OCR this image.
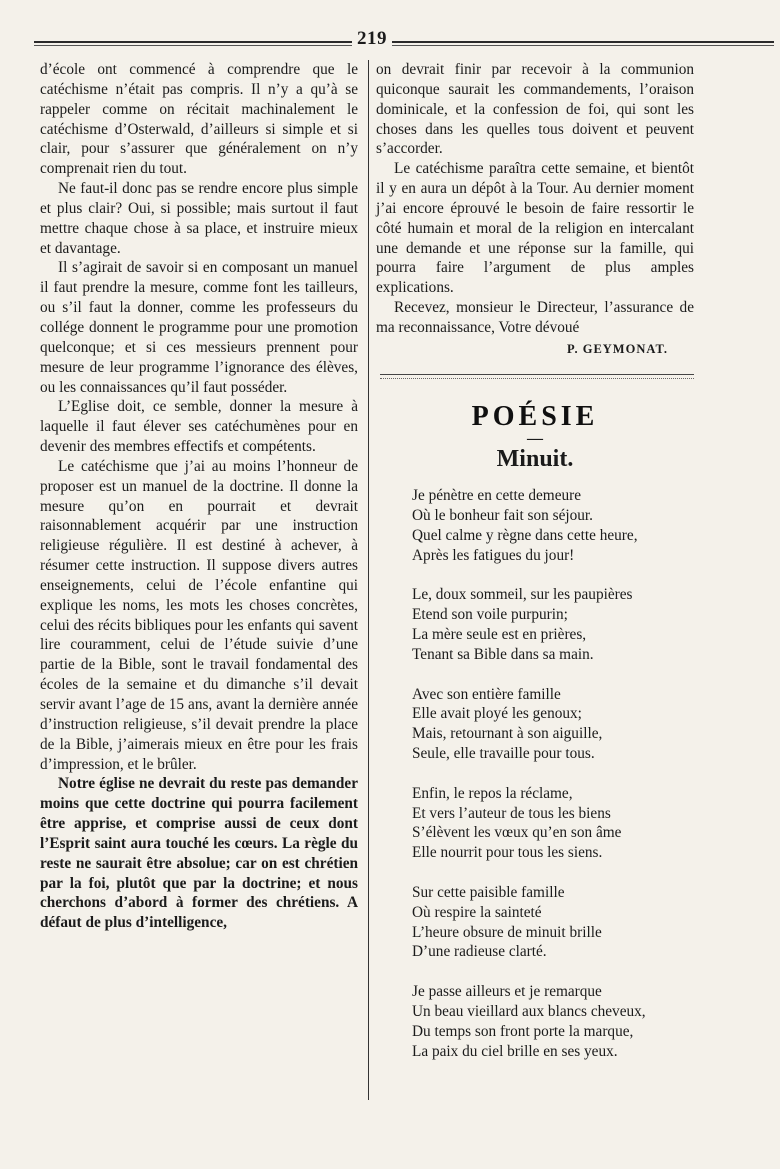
219

d’école ont commencé à comprendre que le catéchisme n’était pas compris. Il n’y a qu’à se rappeler comme on récitait machinalement le catéchisme d’Osterwald, d’ailleurs si simple et si clair, pour s’assurer que généralement on n’y comprenait rien du tout.

Ne faut-il donc pas se rendre encore plus simple et plus clair? Oui, si possible; mais surtout il faut mettre chaque chose à sa place, et instruire mieux et davantage.

Il s’agirait de savoir si en composant un manuel il faut prendre la mesure, comme font les tailleurs, ou s’il faut la donner, comme les professeurs du collége donnent le programme pour une promotion quelconque; et si ces messieurs prennent pour mesure de leur programme l’ignorance des élèves, ou les connaissances qu’il faut posséder.

L’Eglise doit, ce semble, donner la mesure à laquelle il faut élever ses catéchumènes pour en devenir des membres effectifs et compétents.

Le catéchisme que j’ai au moins l’honneur de proposer est un manuel de la doctrine. Il donne la mesure qu’on en pourrait et devrait raisonnablement acquérir par une instruction religieuse régulière. Il est destiné à achever, à résumer cette instruction. Il suppose divers autres enseignements, celui de l’école enfantine qui explique les noms, les mots les choses concrètes, celui des récits bibliques pour les enfants qui savent lire couramment, celui de l’étude suivie d’une partie de la Bible, sont le travail fondamental des écoles de la semaine et du dimanche s’il devait servir avant l’age de 15 ans, avant la dernière année d’instruction religieuse, s’il devait prendre la place de la Bible, j’aimerais mieux en être pour les frais d’impression, et le brûler.

Notre église ne devrait du reste pas demander moins que cette doctrine qui pourra facilement être apprise, et comprise aussi de ceux dont l’Esprit saint aura touché les cœurs. La règle du reste ne saurait être absolue; car on est chrétien par la foi, plutôt que par la doctrine; et nous cherchons d’abord à former des chrétiens. A défaut de plus d’intelligence,

on devrait finir par recevoir à la communion quiconque saurait les commandements, l’oraison dominicale, et la confession de foi, qui sont les choses dans les quelles tous doivent et peuvent s’accorder.

Le catéchisme paraîtra cette semaine, et bientôt il y en aura un dépôt à la Tour. Au dernier moment j’ai encore éprouvé le besoin de faire ressortir le côté humain et moral de la religion en intercalant une demande et une réponse sur la famille, qui pourra faire l’argument de plus amples explications.

Recevez, monsieur le Directeur, l’assurance de ma reconnaissance, Votre dévoué

P. GEYMONAT.
POÉSIE
—
Minuit.

Je pénètre en cette demeure

Où le bonheur fait son séjour.

Quel calme y règne dans cette heure,

Après les fatigues du jour!

Le, doux sommeil, sur les paupières

Etend son voile purpurin;

La mère seule est en prières,

Tenant sa Bible dans sa main.

Avec son entière famille

Elle avait ployé les genoux;

Mais, retournant à son aiguille,

Seule, elle travaille pour tous.

Enfin, le repos la réclame,

Et vers l’auteur de tous les biens

S’élèvent les vœux qu’en son âme

Elle nourrit pour tous les siens.

Sur cette paisible famille

Où respire la sainteté

L’heure obsure de minuit brille

D’une radieuse clarté.

Je passe ailleurs et je remarque

Un beau vieillard aux blancs cheveux,

Du temps son front porte la marque,

La paix du ciel brille en ses yeux.
